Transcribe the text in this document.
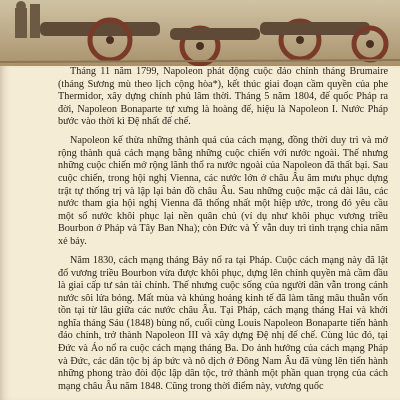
Tháng 11 năm 1799, Napoleon phát động cuộc đảo chính tháng Brumaire (tháng Sương mù theo lịch cộng hòa*), kết thúc giai đoạn cầm quyền của phe Thermidor, xây dựng chính phủ lâm thời. Tháng 5 năm 1804, đế quốc Pháp ra đời, Napoleon Bonaparte tự xưng là hoàng đế, hiệu là Napoleon I. Nước Pháp bước vào thời kì Đệ nhất đế chế.

Napoleon kế thừa những thành quả của cách mạng, đồng thời duy trì và mở rộng thành quả cách mạng bằng những cuộc chiến với nước ngoài. Thế nhưng những cuộc chiến mở rộng lãnh thổ ra nước ngoài của Napoleon đã thất bại. Sau cuộc chiến, trong hội nghị Vienna, các nước lớn ở châu Âu âm mưu phục dựng trật tự thống trị và lập lại bản đồ châu Âu. Sau những cuộc mặc cả dài lâu, các nước tham gia hội nghị Vienna đã thống nhất một hiệp ước, trong đó yêu cầu một số nước khôi phục lại nền quân chủ (ví dụ như khôi phục vương triều Bourbon ở Pháp và Tây Ban Nha); còn Đức và Ý vẫn duy trì tình trạng chia năm xẻ bảy.

Năm 1830, cách mạng tháng Bảy nổ ra tại Pháp. Cuộc cách mạng này đã lật đổ vương triều Bourbon vừa được khôi phục, dựng lên chính quyền mà cầm đầu là giai cấp tư sản tài chính. Thế nhưng cuộc sống của người dân vẫn trong cảnh nước sôi lửa bỏng. Mất mùa và khủng hoảng kinh tế đã làm tăng mâu thuẫn vốn tồn tại từ lâu giữa các nước châu Âu. Tại Pháp, cách mạng tháng Hai và khởi nghĩa tháng Sáu (1848) bùng nổ, cuối cùng Louis Napoleon Bonaparte tiến hành đảo chính, trở thành Napoleon III và xây dựng Đệ nhị đế chế. Cùng lúc đó, tại Đức và Áo nổ ra cuộc cách mạng tháng Ba. Do ảnh hưởng của cách mạng Pháp và Đức, các dân tộc bị áp bức và nô dịch ở Đông Nam Âu đã vùng lên tiến hành những phong trào đòi độc lập dân tộc, trở thành một phần quan trọng của cách mạng châu Âu năm 1848. Cũng trong thời điểm này, vương quốc
